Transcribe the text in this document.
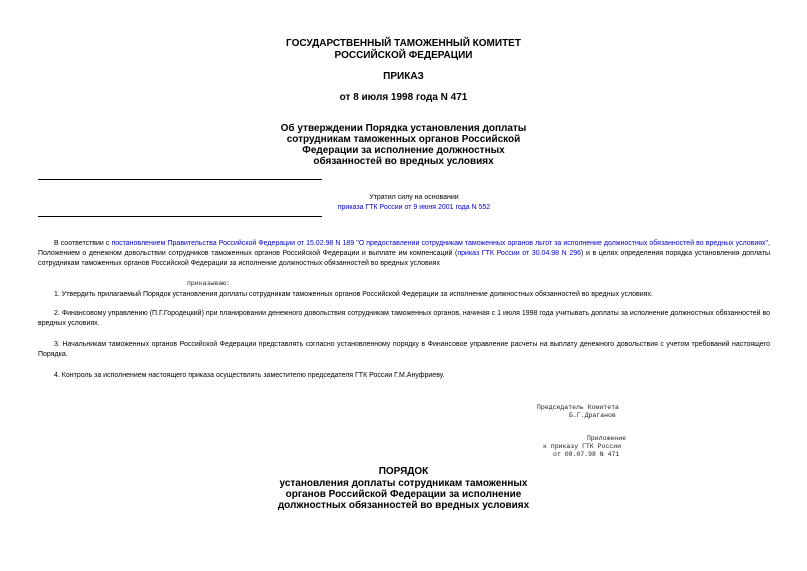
ГОСУДАРСТВЕННЫЙ ТАМОЖЕННЫЙ КОМИТЕТ
РОССИЙСКОЙ ФЕДЕРАЦИИ
ПРИКАЗ
от 8 июля 1998 года N 471
Об утверждении Порядка установления доплаты
сотрудникам таможенных органов Российской
Федерации за исполнение должностных
обязанностей во вредных условиях
Утратил силу на основании
приказа ГТК России от 9 июня 2001 года N 552
В соответствии с постановлением Правительства Российской Федерации от 15.02.98 N 189 "О предоставлении сотрудникам таможенных органов льгот за исполнение должностных обязанностей во вредных условиях", Положением о денежном довольствии сотрудников таможенных органов Российской Федерации и выплате им компенсаций (приказ ГТК России от 30.04.98 N 296) и в целях определения порядка установления доплаты сотрудникам таможенных органов Российской Федерации за исполнение должностных обязанностей во вредных условиях
приказываю:
1. Утвердить прилагаемый Порядок установления доплаты сотрудникам таможенных органов Российской Федерации за исполнение должностных обязанностей во вредных условиях.
2. Финансовому управлению (П.Г.Городецкий) при планировании денежного довольствия сотрудникам таможенных органов, начиная с 1 июля 1998 года учитывать доплаты за исполнение должностных обязанностей во вредных условиях.
3. Начальникам таможенных органов Российской Федерации представлять согласно установленному порядку в Финансовое управление расчеты на выплату денежного довольствия с учетом требований настоящего Порядка.
4. Контроль за исполнением настоящего приказа осуществлять заместителю председателя ГТК России Г.М.Ануфриеву.
Председатель Комитета
Б.Г.Драганов
Приложение
к приказу ГТК России
от 08.07.98 N 471
ПОРЯДОК
установления доплаты сотрудникам таможенных
органов Российской Федерации за исполнение
должностных обязанностей во вредных условиях
